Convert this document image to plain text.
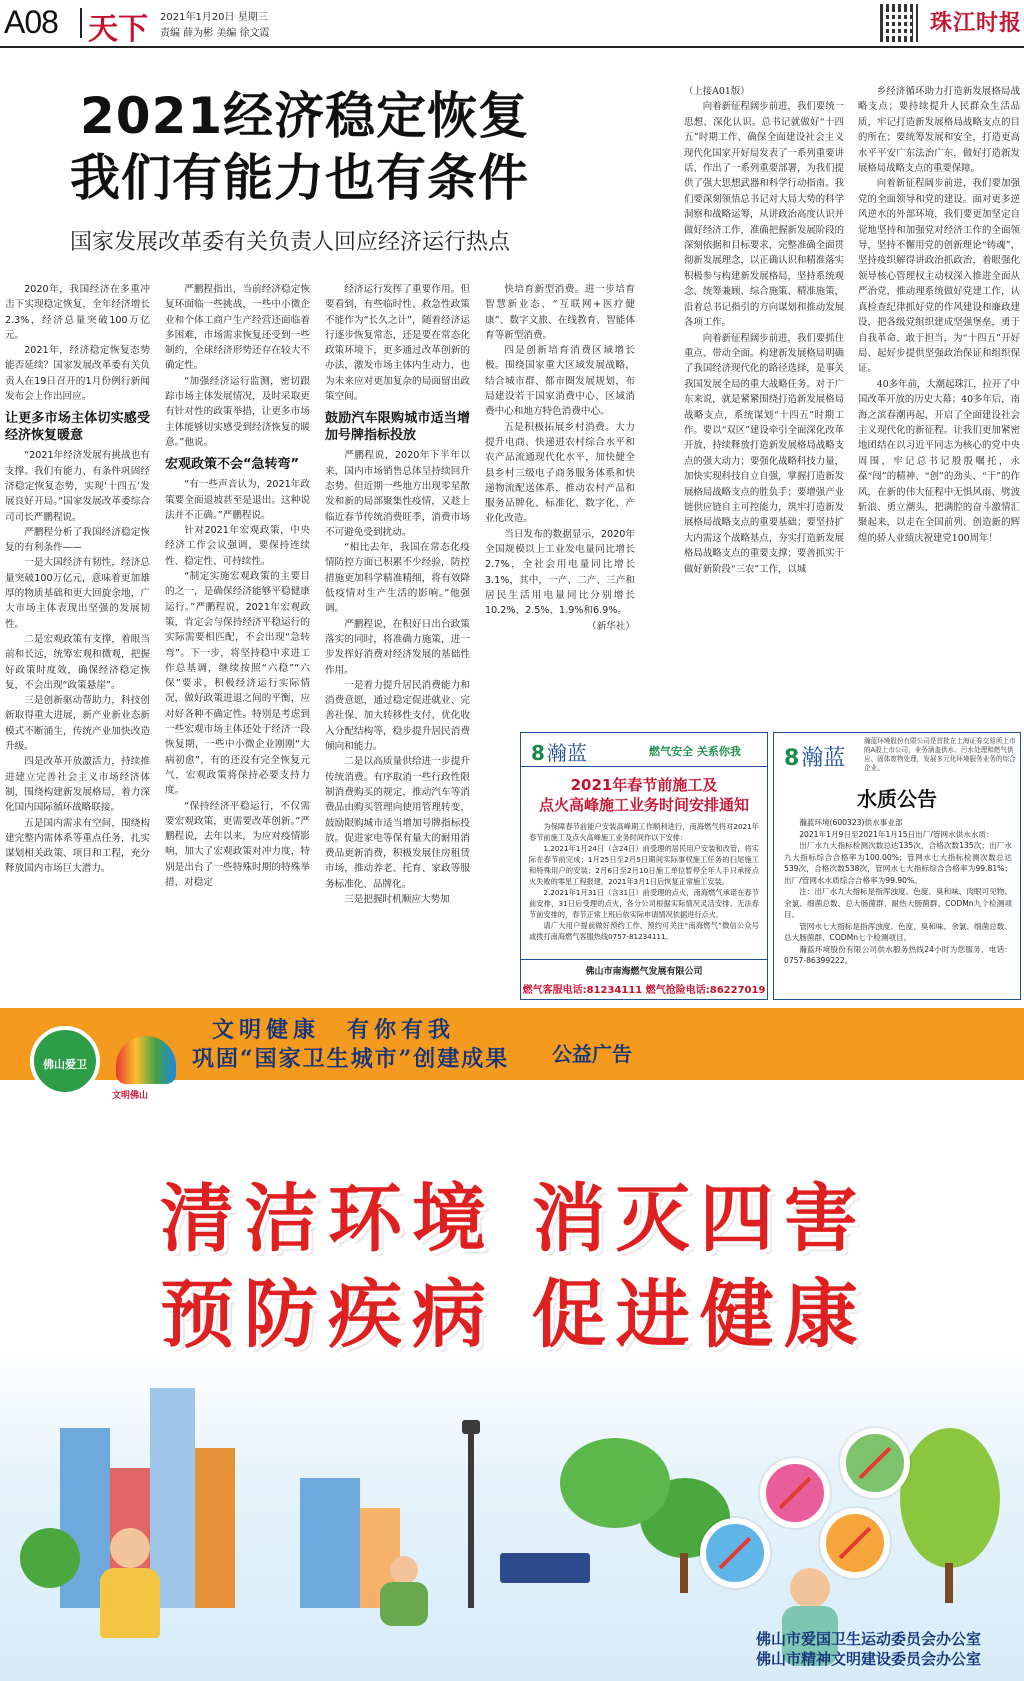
A08 天下 2021年1月20日 星期三
责编 薛为彬 美编 徐文霞	珠江时报
2021经济稳定恢复
我们有能力也有条件
国家发展改革委有关负责人回应经济运行热点

2020年，我国经济在多重冲击下实现稳定恢复，全年经济增长2.3%，经济总量突破100万亿元。

2021年，经济稳定恢复态势能否延续？国家发展改革委有关负责人在19日召开的1月份例行新闻发布会上作出回应。

让更多市场主体切实感受经济恢复暖意

“2021年经济发展有挑战也有支撑。我们有能力、有条件巩固经济稳定恢复态势，实现‘十四五’发展良好开局。”国家发展改革委综合司司长严鹏程说。

严鹏程分析了我国经济稳定恢复的有利条件——

一是大国经济有韧性，经济总量突破100万亿元，意味着更加雄厚的物质基础和更大回旋余地，广大市场主体表现出坚强的发展韧性。

二是宏观政策有支撑，着眼当前和长远，统筹宏观和微观，把握好政策时度效，确保经济稳定恢复，不会出现“政策悬崖”。

三是创新驱动帮助力，科技创新取得重大进展，新产业新业态新模式不断涌生，传统产业加快改造升级。

四是改革开放激活力，持续推进建立完善社会主义市场经济体制，围绕构建新发展格局，着力深化国内国际循环战略联接。

五是国内需求有空间，围绕构建完整内需体系等重点任务，扎实谋划相关政策、项目和工程，充分释放国内市场巨大潜力。

严鹏程指出，当前经济稳定恢复环面临一些挑战，一些中小微企业和个体工商户生产经营还面临着多困难，市场需求恢复还受到一些制约，全球经济形势还存在较大不确定性。

“加强经济运行监测，密切跟踪市场主体发展情况，及时采取更有针对性的政策举措，让更多市场主体能够切实感受到经济恢复的暖意。”他说。

宏观政策不会“急转弯”

“有一些声音认为，2021年政策要全面退坡甚至是退出。这种说法并不正确。”严鹏程说。

针对2021年宏观政策，中央经济工作会议强调，要保持连续性、稳定性、可持续性。

“制定实施宏观政策的主要目的之一，是确保经济能够平稳健康运行。”严鹏程说，2021年宏观政策，肯定会与保持经济平稳运行的实际需要相匹配，不会出现“急转弯”。下一步，将坚持稳中求进工作总基调，继续按照“六稳”“六保”要求，积极经济运行实际情况，做好政策进退之间的平衡，应对好各种不确定性。特别是考虑到一些宏观市场主体还处于经济一段恢复期，一些中小微企业刚刚“大病初愈”，有的还没有完全恢复元气，宏观政策将保持必要支持力度。

“保持经济平稳运行，不仅需要宏观政策，更需要改革创新。”严鹏程说，去年以来，为应对疫情影响，加大了宏观政策对冲力度，特别是出台了一些特殊时期的特殊举措，对稳定

经济运行发挥了重要作用。但要看到，有些临时性、救急性政策不能作为“长久之计”，随着经济运行逐步恢复常态，还是要在常态化政策环境下，更多通过改革创新的办法，激发市场主体内生动力，也为未来应对更加复杂的局面留出政策空间。

鼓励汽车限购城市适当增加号牌指标投放

严鹏程说，2020年下半年以来，国内市场销售总体呈持续回升态势。但近期一些地方出现零星散发和新的局部聚集性疫情，又趁上临近春节传统消费旺季，消费市场不可避免受到扰动。

“相比去年，我国在常态化疫情防控方面已积累不少经验，防控措施更加科学精准精细，将有效降低疫情对生产生活的影响。”他强调。

严鹏程说，在积好日出台政策落实的同时，将准确力施策，进一步发挥好消费对经济发展的基础性作用。

一是着力提升居民消费能力和消费意愿，通过稳定促进就业、完善社保、加大转移性支付、优化收入分配结构等，稳步提升居民消费倾向和能力。

二是以高质量供给进一步提升传统消费。有序取消一些行政性限制消费购买的规定，推动汽车等消费品由购买管理向使用管理转变，鼓励限购城市适当增加号牌指标投放。促进家电等保有量大的耐用消费品更新消费，积极发展住房租赁市场，推动养老、托育、家政等服务标准化、品牌化。

三是把握时机顺应大势加

快培育新型消费。进一步培育智慧新业态、“互联网+医疗健康”、数字文旅、在线教育、智能体育等新型消费。

四是创新培育消费区域增长极。围绕国家重大区域发展战略，结合城市群、都市圈发展规划，布局建设若干国家消费中心，区域消费中心和地方特色消费中心。

五是积极拓展乡村消费。大力提升电商、快递进农村综合水平和农产品流通现代化水平，加快健全县乡村三级电子商务服务体系和快递物流配送体系，推动农村产品和服务品牌化、标准化、数字化、产业化改造。

当日发布的数据显示，2020年全国规模以上工业发电量同比增长2.7%，全社会用电量同比增长3.1%，其中，一产、二产、三产和居民生活用电量同比分别增长10.2%、2.5%、1.9%和6.9%。

（新华社）

（上接A01版）

向着新征程阔步前进，我们要统一思想、深化认识。总书记就做好“十四五”时期工作、确保全面建设社会主义现代化国家开好局发表了一系列重要讲话、作出了一系列重要部署，为我们提供了强大思想武器和科学行动指南。我们要深刻领悟总书记对大局大势的科学洞察和战略运筹，从讲政治高度认识并做好经济工作，准确把握新发展阶段的深刻依据和目标要求，完整准确全面贯彻新发展理念，以正确认识和精准落实积极参与构建新发展格局，坚持系统观念、统筹兼顾、综合施策、精准施策，沿着总书记指引的方向谋划和推动发展各项工作。

向着新征程阔步前进，我们要抓住重点、带动全面。构建新发展格局明确了我国经济现代化的路径选择，是事关我国发展全局的重大战略任务。对于广东来说，就是紧紧围绕打造新发展格局战略支点，系统谋划“十四五”时期工作。要以“双区”建设牵引全面深化改革开放，持续释放打造新发展格局战略支点的强大动力；要强化战略科技力量，加快实现科技自立自强，掌握打造新发展格局战略支点的胜负手；要增强产业链供应链自主可控能力，筑牢打造新发展格局战略支点的重要基础；要坚持扩大内需这个战略基点，夯实打造新发展格局战略支点的重要支撑；要善抓实干做好新阶段“三农”工作，以城

乡经济循环助力打造新发展格局战略支点；要持续提升人民群众生活品质，牢记打造新发展格局战略支点的目的所在；要统筹发展和安全，打造更高水平平安广东法治广东，做好打造新发展格局战略支点的重要保障。

向着新征程阔步前进，我们要加强党的全面领导和党的建设。面对更多逆风逆水的外部环境，我们要更加坚定自觉地坚持和加强党对经济工作的全面领导，坚持不懈用党的创新理论“铸魂”，坚持疫织解得讲政治抓政治，着眼强化领导核心管理权主动权深入推进全面从严治党，推动理系统做好党建工作，认真检查纪律抓好党的作风建设和廉政建设，把各级党组织建成坚强堡垒，勇于自我革命、敢于担当，为“十四五”开好局、起好步提供坚强政治保证和组织保证。

40多年前，大潮起珠江，拉开了中国改革开放的历史大幕；40多年后，南海之滨春潮再起，开启了全面建设社会主义现代化的新征程。让我们更加紧密地团结在以习近平同志为核心的党中央周围，牢记总书记殷殷嘱托，永葆“闯”的精神、“创”的劲头、“干”的作风，在新的伟大征程中无惧风雨、劈波斩浪、勇立潮头，把满腔的奋斗激情汇聚起来，以走在全国前列、创造新的辉煌的骄人业绩庆祝建党100周年！

8 瀚蓝	燃气安全 关系你我
2021年春节前施工及
点火高峰施工业务时间安排通知

为保障春节前能户安装高峰期工作顺利进行，南海燃气将对2021年春节前施工及点火高峰施工业务时间作以下安排：

1.2021年1月24日（含24日）前受理的居民用户安装和改管，将实际在春节前完成；1月25日至2月5日期间实际事权施工任务的扫尾施工和特殊用户的安装；2月6日至2月10日施工单位暂停全年人手只承接点火失败的零星工程报建，2021年3月1日后恢复正常施工安装。

2.2021年1月31日（含31日）前受理的点火，南海燃气承诺在春节前安排，31日后受理的点火，各分公司根据实际情况灵活安排。无法春节前安排的，春节正常上班后依实际申请情况依据进行点火。

请广大用户提前做好预约工作，预约可关注“南海燃气”微信公众号或拨打南海燃气客服热线0757-81234111。

佛山市南海燃气发展有限公司
燃气客服电话:81234111 燃气抢险电话:86227019
8瀚蓝
瀚蓝环境股份有限公司是首批在上海证券交易所上市的A股上市公司，业务涵盖供水、污水处理和燃气供应、固体废物处理，发展多元化环境服务业务的综合企业。
水质公告

瀚蓝环境(600323)供水事业部

2021年1月9日至2021年1月15日出厂/管网水供水水质：

出厂水九大指标检测次数总达135次，合格次数135次；出厂水九大指标综合合格率为100.00%；管网水七大指标检测次数总达539次，合格次数538次，管网水七大指标综合合格率为99.81%；出厂/管网水水质综合合格率为99.90%。

注：出厂水九大指标是指浑浊度、色度、臭和味、肉眼可见物、余氯、细菌总数、总大肠菌群、耐热大肠菌群、CODMn九个检测项目。

管网水七大指标是指浑浊度、色度、臭和味、余氯、细菌总数、总大肠菌群、CODMn七个检测项目。

瀚蓝环境股份有限公司供水服务热线24小时为您服务，电话：0757-86399222。

佛山爱卫
文明佛山
文明健康　有你有我
巩固“国家卫生城市”创建成果 公益广告
清洁环境 消灭四害
预防疾病 促进健康
佛山市爱国卫生运动委员会办公室
佛山市精神文明建设委员会办公室
